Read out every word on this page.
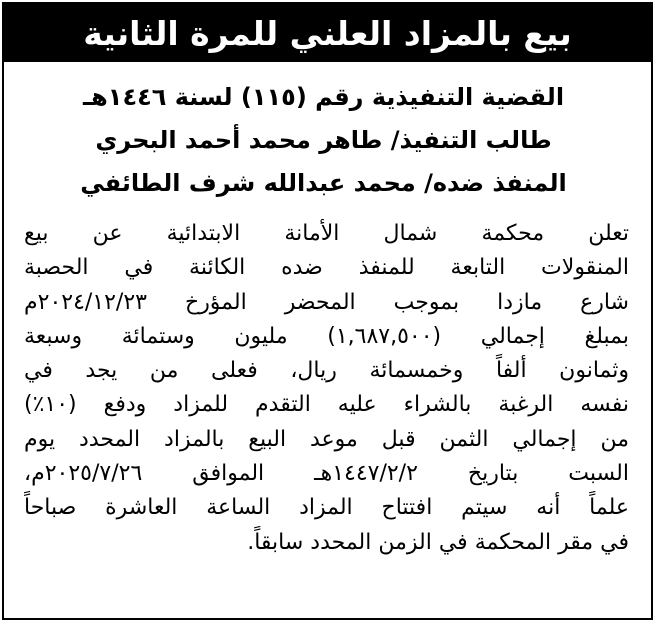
بيع بالمزاد العلني للمرة الثانية
القضية التنفيذية رقم (١١٥) لسنة ١٤٤٦هـ
طالب التنفيذ/ طاهر محمد أحمد البحري
المنفذ ضده/ محمد عبدالله شرف الطائفي
تعلن محكمة شمال الأمانة الابتدائية عن بيع
المنقولات التابعة للمنفذ ضده الكائنة في الحصبة
شارع مازدا بموجب المحضر المؤرخ ٢٠٢٤/١٢/٢٣م
بمبلغ إجمالي (١,٦٨٧,٥٠٠) مليون وستمائة وسبعة
وثمانون ألفاً وخمسمائة ريال، فعلى من يجد في
نفسه الرغبة بالشراء عليه التقدم للمزاد ودفع (١٠٪)
من إجمالي الثمن قبل موعد البيع بالمزاد المحدد يوم
السبت بتاريخ ١٤٤٧/٢/٢هـ الموافق ٢٠٢٥/٧/٢٦م،
علماً أنه سيتم افتتاح المزاد الساعة العاشرة صباحاً
في مقر المحكمة في الزمن المحدد سابقاً.
